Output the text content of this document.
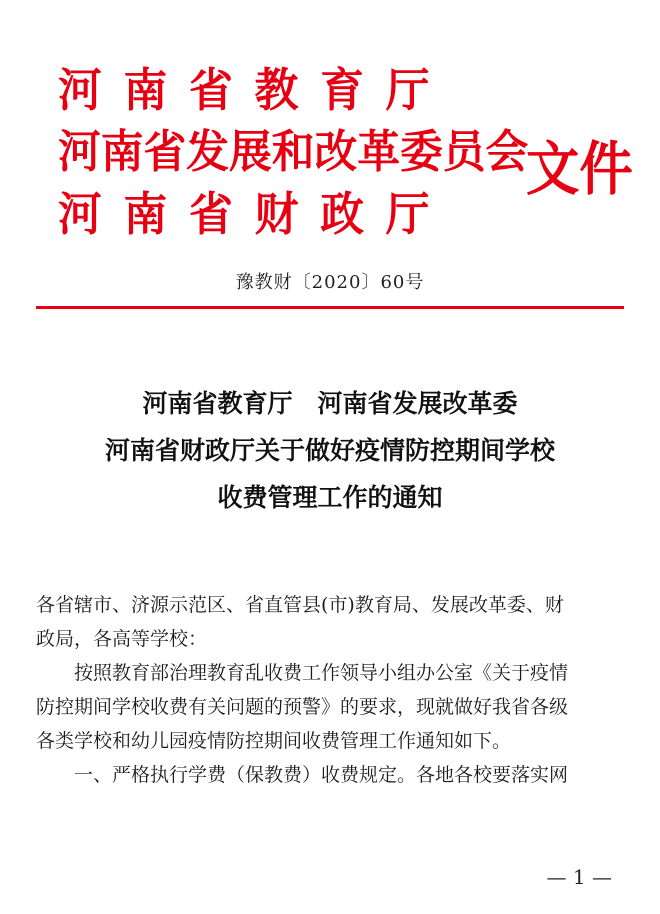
河南省教育厅
河南省发展和改革委员会
河南省财政厅
文件
豫教财〔2020〕60号
河南省教育厅　河南省发展改革委
河南省财政厅关于做好疫情防控期间学校
收费管理工作的通知

各省辖市、济源示范区、省直管县(市)教育局、发展改革委、财

政局，各高等学校：

按照教育部治理教育乱收费工作领导小组办公室《关于疫情

防控期间学校收费有关问题的预警》的要求，现就做好我省各级

各类学校和幼儿园疫情防控期间收费管理工作通知如下。

一、严格执行学费（保教费）收费规定。各地各校要落实网

— 1 —
